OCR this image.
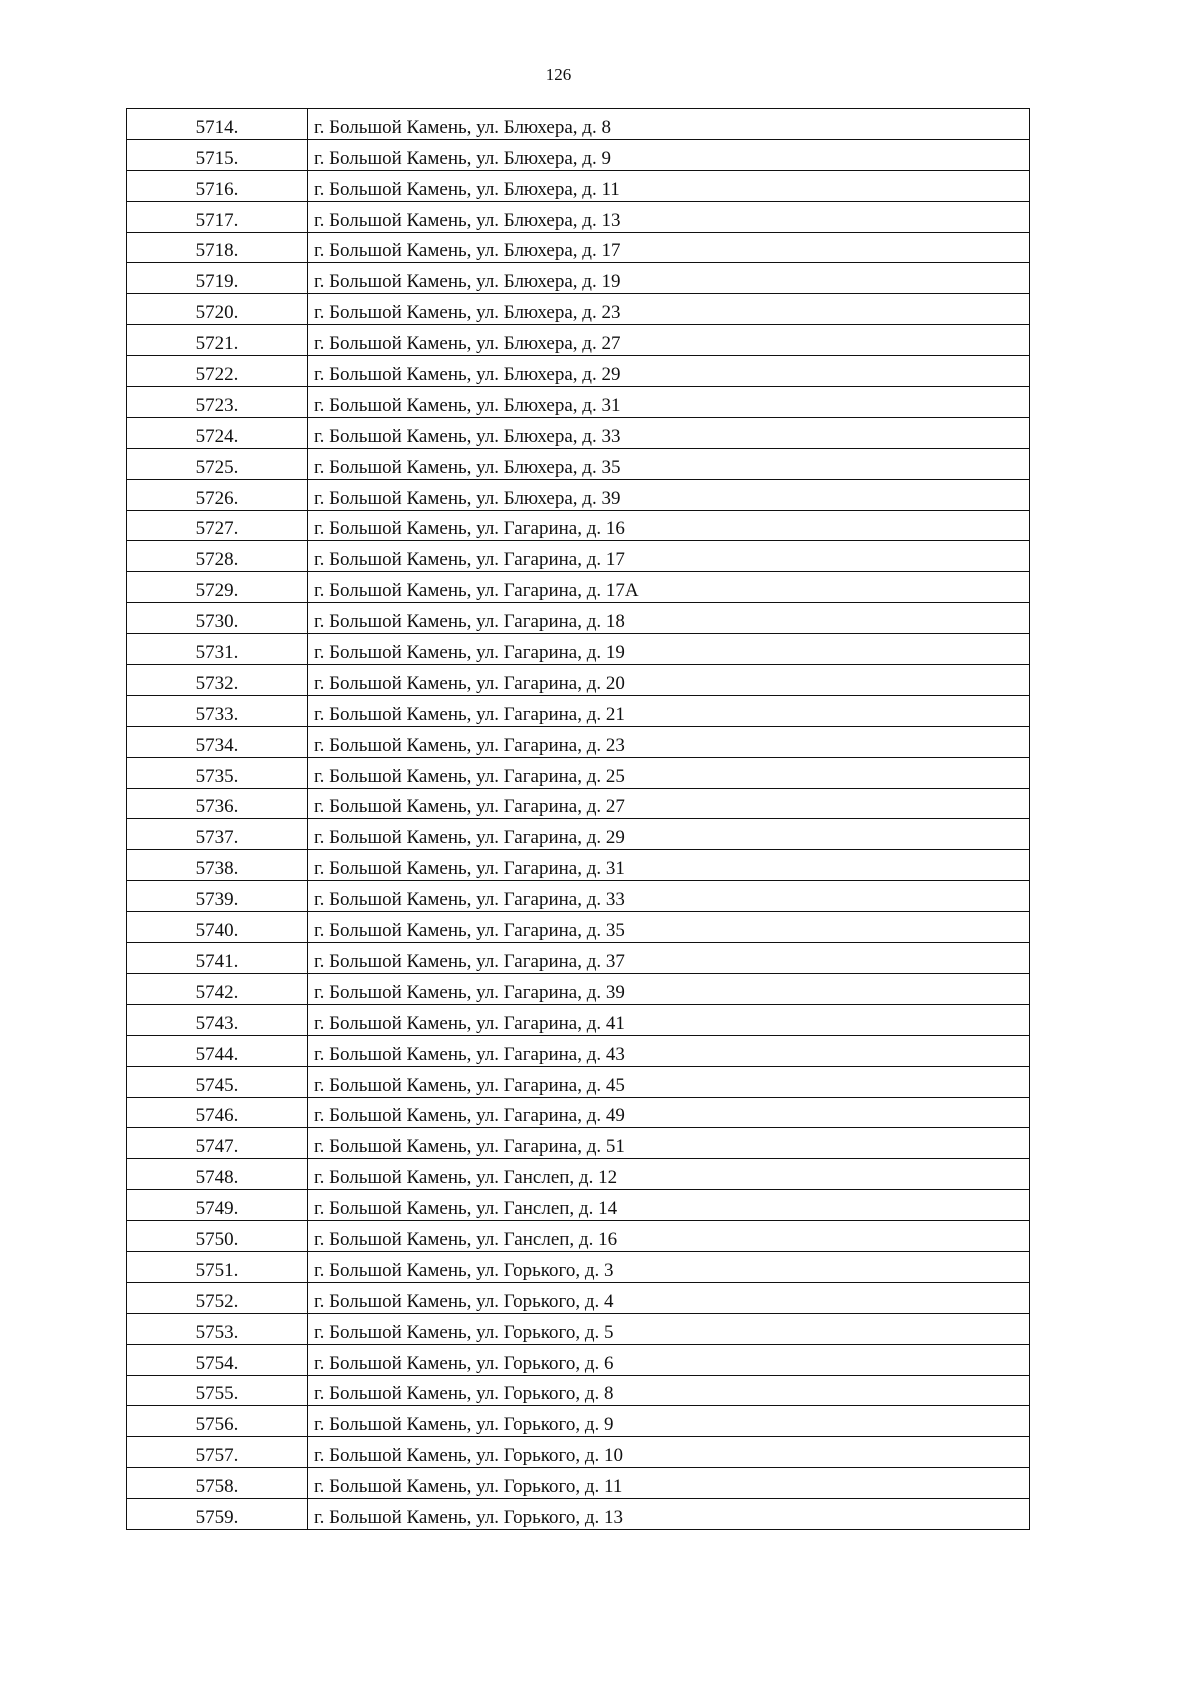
126
5714.	г. Большой Камень, ул. Блюхера, д. 8
5715.	г. Большой Камень, ул. Блюхера, д. 9
5716.	г. Большой Камень, ул. Блюхера, д. 11
5717.	г. Большой Камень, ул. Блюхера, д. 13
5718.	г. Большой Камень, ул. Блюхера, д. 17
5719.	г. Большой Камень, ул. Блюхера, д. 19
5720.	г. Большой Камень, ул. Блюхера, д. 23
5721.	г. Большой Камень, ул. Блюхера, д. 27
5722.	г. Большой Камень, ул. Блюхера, д. 29
5723.	г. Большой Камень, ул. Блюхера, д. 31
5724.	г. Большой Камень, ул. Блюхера, д. 33
5725.	г. Большой Камень, ул. Блюхера, д. 35
5726.	г. Большой Камень, ул. Блюхера, д. 39
5727.	г. Большой Камень, ул. Гагарина, д. 16
5728.	г. Большой Камень, ул. Гагарина, д. 17
5729.	г. Большой Камень, ул. Гагарина, д. 17А
5730.	г. Большой Камень, ул. Гагарина, д. 18
5731.	г. Большой Камень, ул. Гагарина, д. 19
5732.	г. Большой Камень, ул. Гагарина, д. 20
5733.	г. Большой Камень, ул. Гагарина, д. 21
5734.	г. Большой Камень, ул. Гагарина, д. 23
5735.	г. Большой Камень, ул. Гагарина, д. 25
5736.	г. Большой Камень, ул. Гагарина, д. 27
5737.	г. Большой Камень, ул. Гагарина, д. 29
5738.	г. Большой Камень, ул. Гагарина, д. 31
5739.	г. Большой Камень, ул. Гагарина, д. 33
5740.	г. Большой Камень, ул. Гагарина, д. 35
5741.	г. Большой Камень, ул. Гагарина, д. 37
5742.	г. Большой Камень, ул. Гагарина, д. 39
5743.	г. Большой Камень, ул. Гагарина, д. 41
5744.	г. Большой Камень, ул. Гагарина, д. 43
5745.	г. Большой Камень, ул. Гагарина, д. 45
5746.	г. Большой Камень, ул. Гагарина, д. 49
5747.	г. Большой Камень, ул. Гагарина, д. 51
5748.	г. Большой Камень, ул. Ганслеп, д. 12
5749.	г. Большой Камень, ул. Ганслеп, д. 14
5750.	г. Большой Камень, ул. Ганслеп, д. 16
5751.	г. Большой Камень, ул. Горького, д. 3
5752.	г. Большой Камень, ул. Горького, д. 4
5753.	г. Большой Камень, ул. Горького, д. 5
5754.	г. Большой Камень, ул. Горького, д. 6
5755.	г. Большой Камень, ул. Горького, д. 8
5756.	г. Большой Камень, ул. Горького, д. 9
5757.	г. Большой Камень, ул. Горького, д. 10
5758.	г. Большой Камень, ул. Горького, д. 11
5759.	г. Большой Камень, ул. Горького, д. 13
